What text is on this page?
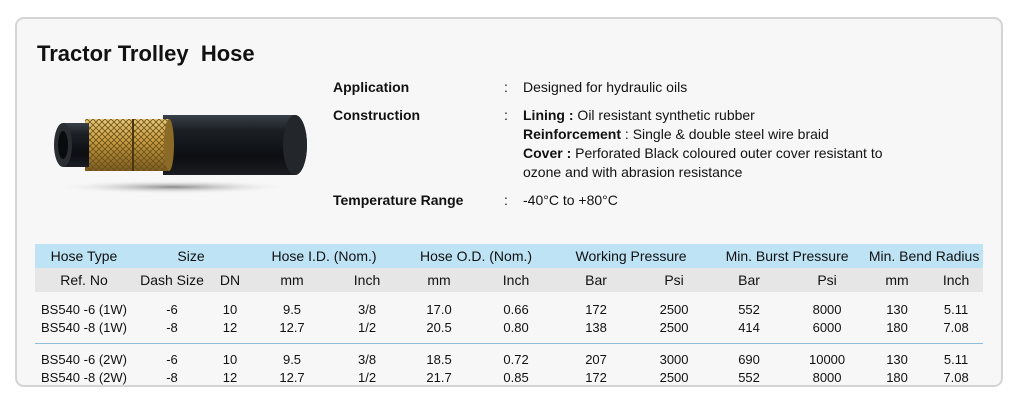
Tractor Trolley  Hose
Application	: Designed for hydraulic oils
Construction	: Lining : Oil resistant synthetic rubber
Reinforcement : Single & double steel wire braid
Cover : Perforated Black coloured outer cover resistant to
ozone and with abrasion resistance
Temperature Range	: -40°C to +80°C
Hose Type	Size		Hose I.D. (Nom.)		Hose O.D. (Nom.)		Working Pressure		Min. Burst Pressure		Min. Bend Radius	
Ref. No	Dash Size	DN	mm	Inch	mm	Inch	Bar	Psi	Bar	Psi	mm	Inch

BS540 -6 (1W)	-6	10	9.5	3/8	17.0	0.66	172	2500	552	8000	130	5.11
BS540 -8 (1W)	-8	12	12.7	1/2	20.5	0.80	138	2500	414	6000	180	7.08

BS540 -6 (2W)	-6	10	9.5	3/8	18.5	0.72	207	3000	690	10000	130	5.11
BS540 -8 (2W)	-8	12	12.7	1/2	21.7	0.85	172	2500	552	8000	180	7.08
